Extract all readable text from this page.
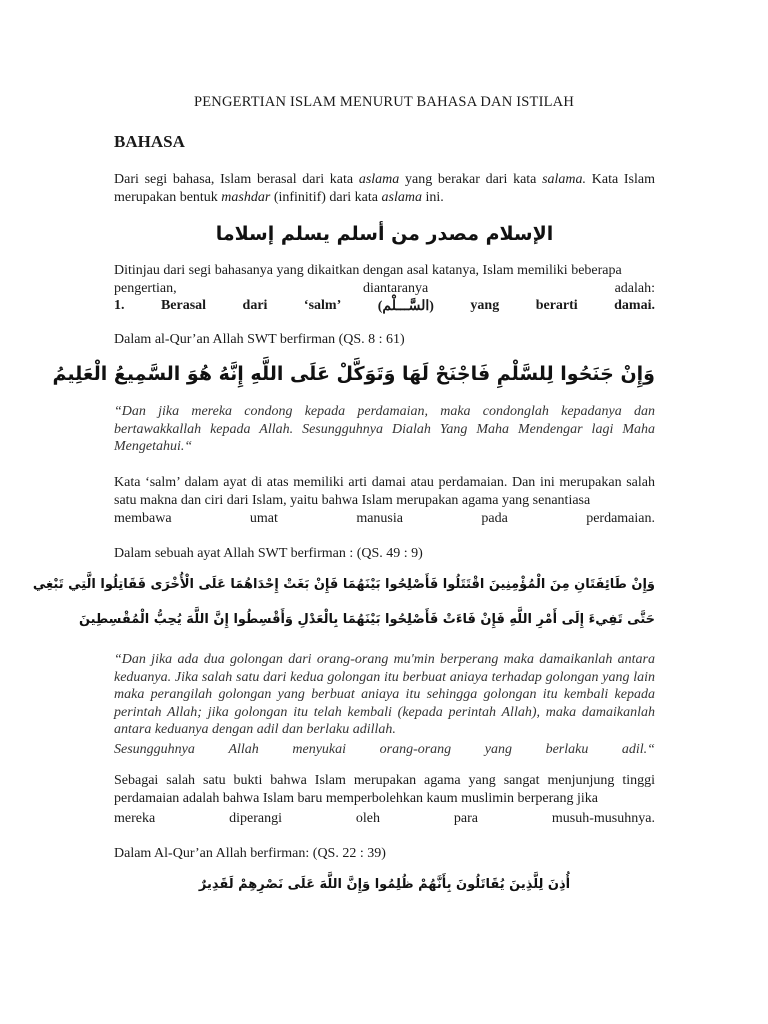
PENGERTIAN ISLAM MENURUT BAHASA DAN ISTILAH
BAHASA
Dari segi bahasa, Islam berasal dari kata aslama yang berakar dari kata salama. Kata Islam merupakan bentuk mashdar (infinitif) dari kata aslama ini.
الإسلام مصدر من أسلم يسلم إسلاما
Ditinjau dari segi bahasanya yang dikaitkan dengan asal katanya, Islam memiliki beberapa
pengertian,	diantaranya	adalah:
1.	Berasal	dari	‘salm’	(السَّـــلْم)	yang	berarti	damai.
Dalam al-Qur’an Allah SWT berfirman (QS. 8 : 61)
وَإِنْ جَنَحُوا لِلسَّلْمِ فَاجْنَحْ لَهَا وَتَوَكَّلْ عَلَى اللَّهِ إِنَّهُ هُوَ السَّمِيعُ الْعَلِيمُ
“Dan jika mereka condong kepada perdamaian, maka condonglah kepadanya dan bertawakkallah kepada Allah. Sesungguhnya Dialah Yang Maha Mendengar lagi Maha Mengetahui.“
Kata ‘salm’ dalam ayat di atas memiliki arti damai atau perdamaian. Dan ini merupakan salah satu makna dan ciri dari Islam, yaitu bahwa Islam merupakan agama yang senantiasa
membawa	umat	manusia	pada	perdamaian.
Dalam sebuah ayat Allah SWT berfirman : (QS. 49 : 9)
وَإِنْ طَائِفَتَانِ مِنَ الْمُؤْمِنِينَ اقْتَتَلُوا فَأَصْلِحُوا بَيْنَهُمَا فَإِنْ بَغَتْ إِحْدَاهُمَا عَلَى الْأُخْرَى فَقَاتِلُوا الَّتِي تَبْغِي
حَتَّى تَفِيءَ إِلَى أَمْرِ اللَّهِ فَإِنْ فَاءَتْ فَأَصْلِحُوا بَيْنَهُمَا بِالْعَدْلِ وَأَقْسِطُوا إِنَّ اللَّهَ يُحِبُّ الْمُقْسِطِينَ
“Dan jika ada dua golongan dari orang-orang mu'min berperang maka damaikanlah antara keduanya. Jika salah satu dari kedua golongan itu berbuat aniaya terhadap golongan yang lain maka perangilah golongan yang berbuat aniaya itu sehingga golongan itu kembali kepada perintah Allah; jika golongan itu telah kembali (kepada perintah Allah), maka damaikanlah antara keduanya dengan adil dan berlaku adillah.
Sesungguhnya Allah menyukai orang-orang yang berlaku adil.“
Sebagai salah satu bukti bahwa Islam merupakan agama yang sangat menjunjung tinggi perdamaian adalah bahwa Islam baru memperbolehkan kaum muslimin berperang jika
mereka	diperangi	oleh	para	musuh-musuhnya.
Dalam Al-Qur’an Allah berfirman: (QS. 22 : 39)
أُذِنَ لِلَّذِينَ يُقَاتَلُونَ بِأَنَّهُمْ ظُلِمُوا وَإِنَّ اللَّهَ عَلَى نَصْرِهِمْ لَقَدِيرٌ
